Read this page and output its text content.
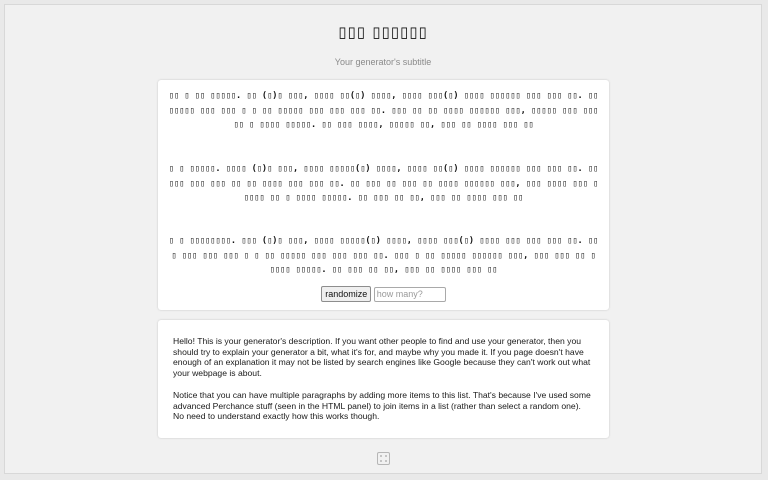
▯▯▯ ▯▯▯▯▯▯
Your generator's subtitle
▯▯ ▯ ▯▯ ▯▯▯▯▯. ▯▯ (▯)▯ ▯▯▯, ▯▯▯▯ ▯▯(▯) ▯▯▯▯, ▯▯▯▯ ▯▯▯(▯) ▯▯▯▯ ▯▯▯▯▯▯ ▯▯▯ ▯▯▯ ▯▯. ▯▯▯▯▯▯▯ ▯▯▯ ▯▯▯ ▯ ▯ ▯▯ ▯▯▯▯▯ ▯▯▯ ▯▯▯ ▯▯▯ ▯▯. ▯▯▯ ▯▯ ▯▯ ▯▯▯▯ ▯▯▯▯▯▯ ▯▯▯, ▯▯▯▯▯ ▯▯▯ ▯▯▯ ▯▯ ▯ ▯▯▯▯ ▯▯▯▯▯. ▯▯ ▯▯▯ ▯▯▯▯, ▯▯▯▯▯ ▯▯, ▯▯▯ ▯▯ ▯▯▯▯ ▯▯▯ ▯▯
▯ ▯ ▯▯▯▯▯. ▯▯▯▯ (▯)▯ ▯▯▯, ▯▯▯▯ ▯▯▯▯▯(▯) ▯▯▯▯, ▯▯▯▯ ▯▯(▯) ▯▯▯▯ ▯▯▯▯▯▯ ▯▯▯ ▯▯▯ ▯▯. ▯▯▯▯▯ ▯▯▯ ▯▯▯ ▯▯ ▯▯ ▯▯▯▯ ▯▯▯ ▯▯▯ ▯▯. ▯▯ ▯▯▯ ▯▯ ▯▯▯ ▯▯ ▯▯▯▯ ▯▯▯▯▯▯ ▯▯▯, ▯▯▯ ▯▯▯▯ ▯▯▯ ▯▯▯▯▯ ▯▯ ▯ ▯▯▯▯ ▯▯▯▯▯. ▯▯ ▯▯▯ ▯▯ ▯▯, ▯▯▯ ▯▯ ▯▯▯▯ ▯▯▯ ▯▯
▯ ▯ ▯▯▯▯▯▯▯▯. ▯▯▯ (▯)▯ ▯▯▯, ▯▯▯▯ ▯▯▯▯▯(▯) ▯▯▯▯, ▯▯▯▯ ▯▯▯(▯) ▯▯▯▯ ▯▯▯ ▯▯▯ ▯▯▯ ▯▯. ▯▯▯ ▯▯▯ ▯▯▯ ▯▯▯ ▯ ▯ ▯▯ ▯▯▯▯▯ ▯▯▯ ▯▯▯ ▯▯▯ ▯▯. ▯▯▯ ▯ ▯▯ ▯▯▯▯▯ ▯▯▯▯▯▯ ▯▯▯, ▯▯▯ ▯▯▯ ▯▯ ▯ ▯▯▯▯ ▯▯▯▯▯. ▯▯ ▯▯▯ ▯▯ ▯▯, ▯▯▯ ▯▯ ▯▯▯▯ ▯▯▯ ▯▯
randomize how many?
Hello! This is your generator's description. If you want other people to find and use your generator, then you should try to explain your generator a bit, what it's for, and maybe why you made it. If you page doesn't have enough of an explanation it may not be listed by search engines like Google because they can't work out what your webpage is about.
Notice that you can have multiple paragraphs by adding more items to this list. That's because I've used some advanced Perchance stuff (seen in the HTML panel) to join items in a list (rather than select a random one). No need to understand exactly how this works though.
